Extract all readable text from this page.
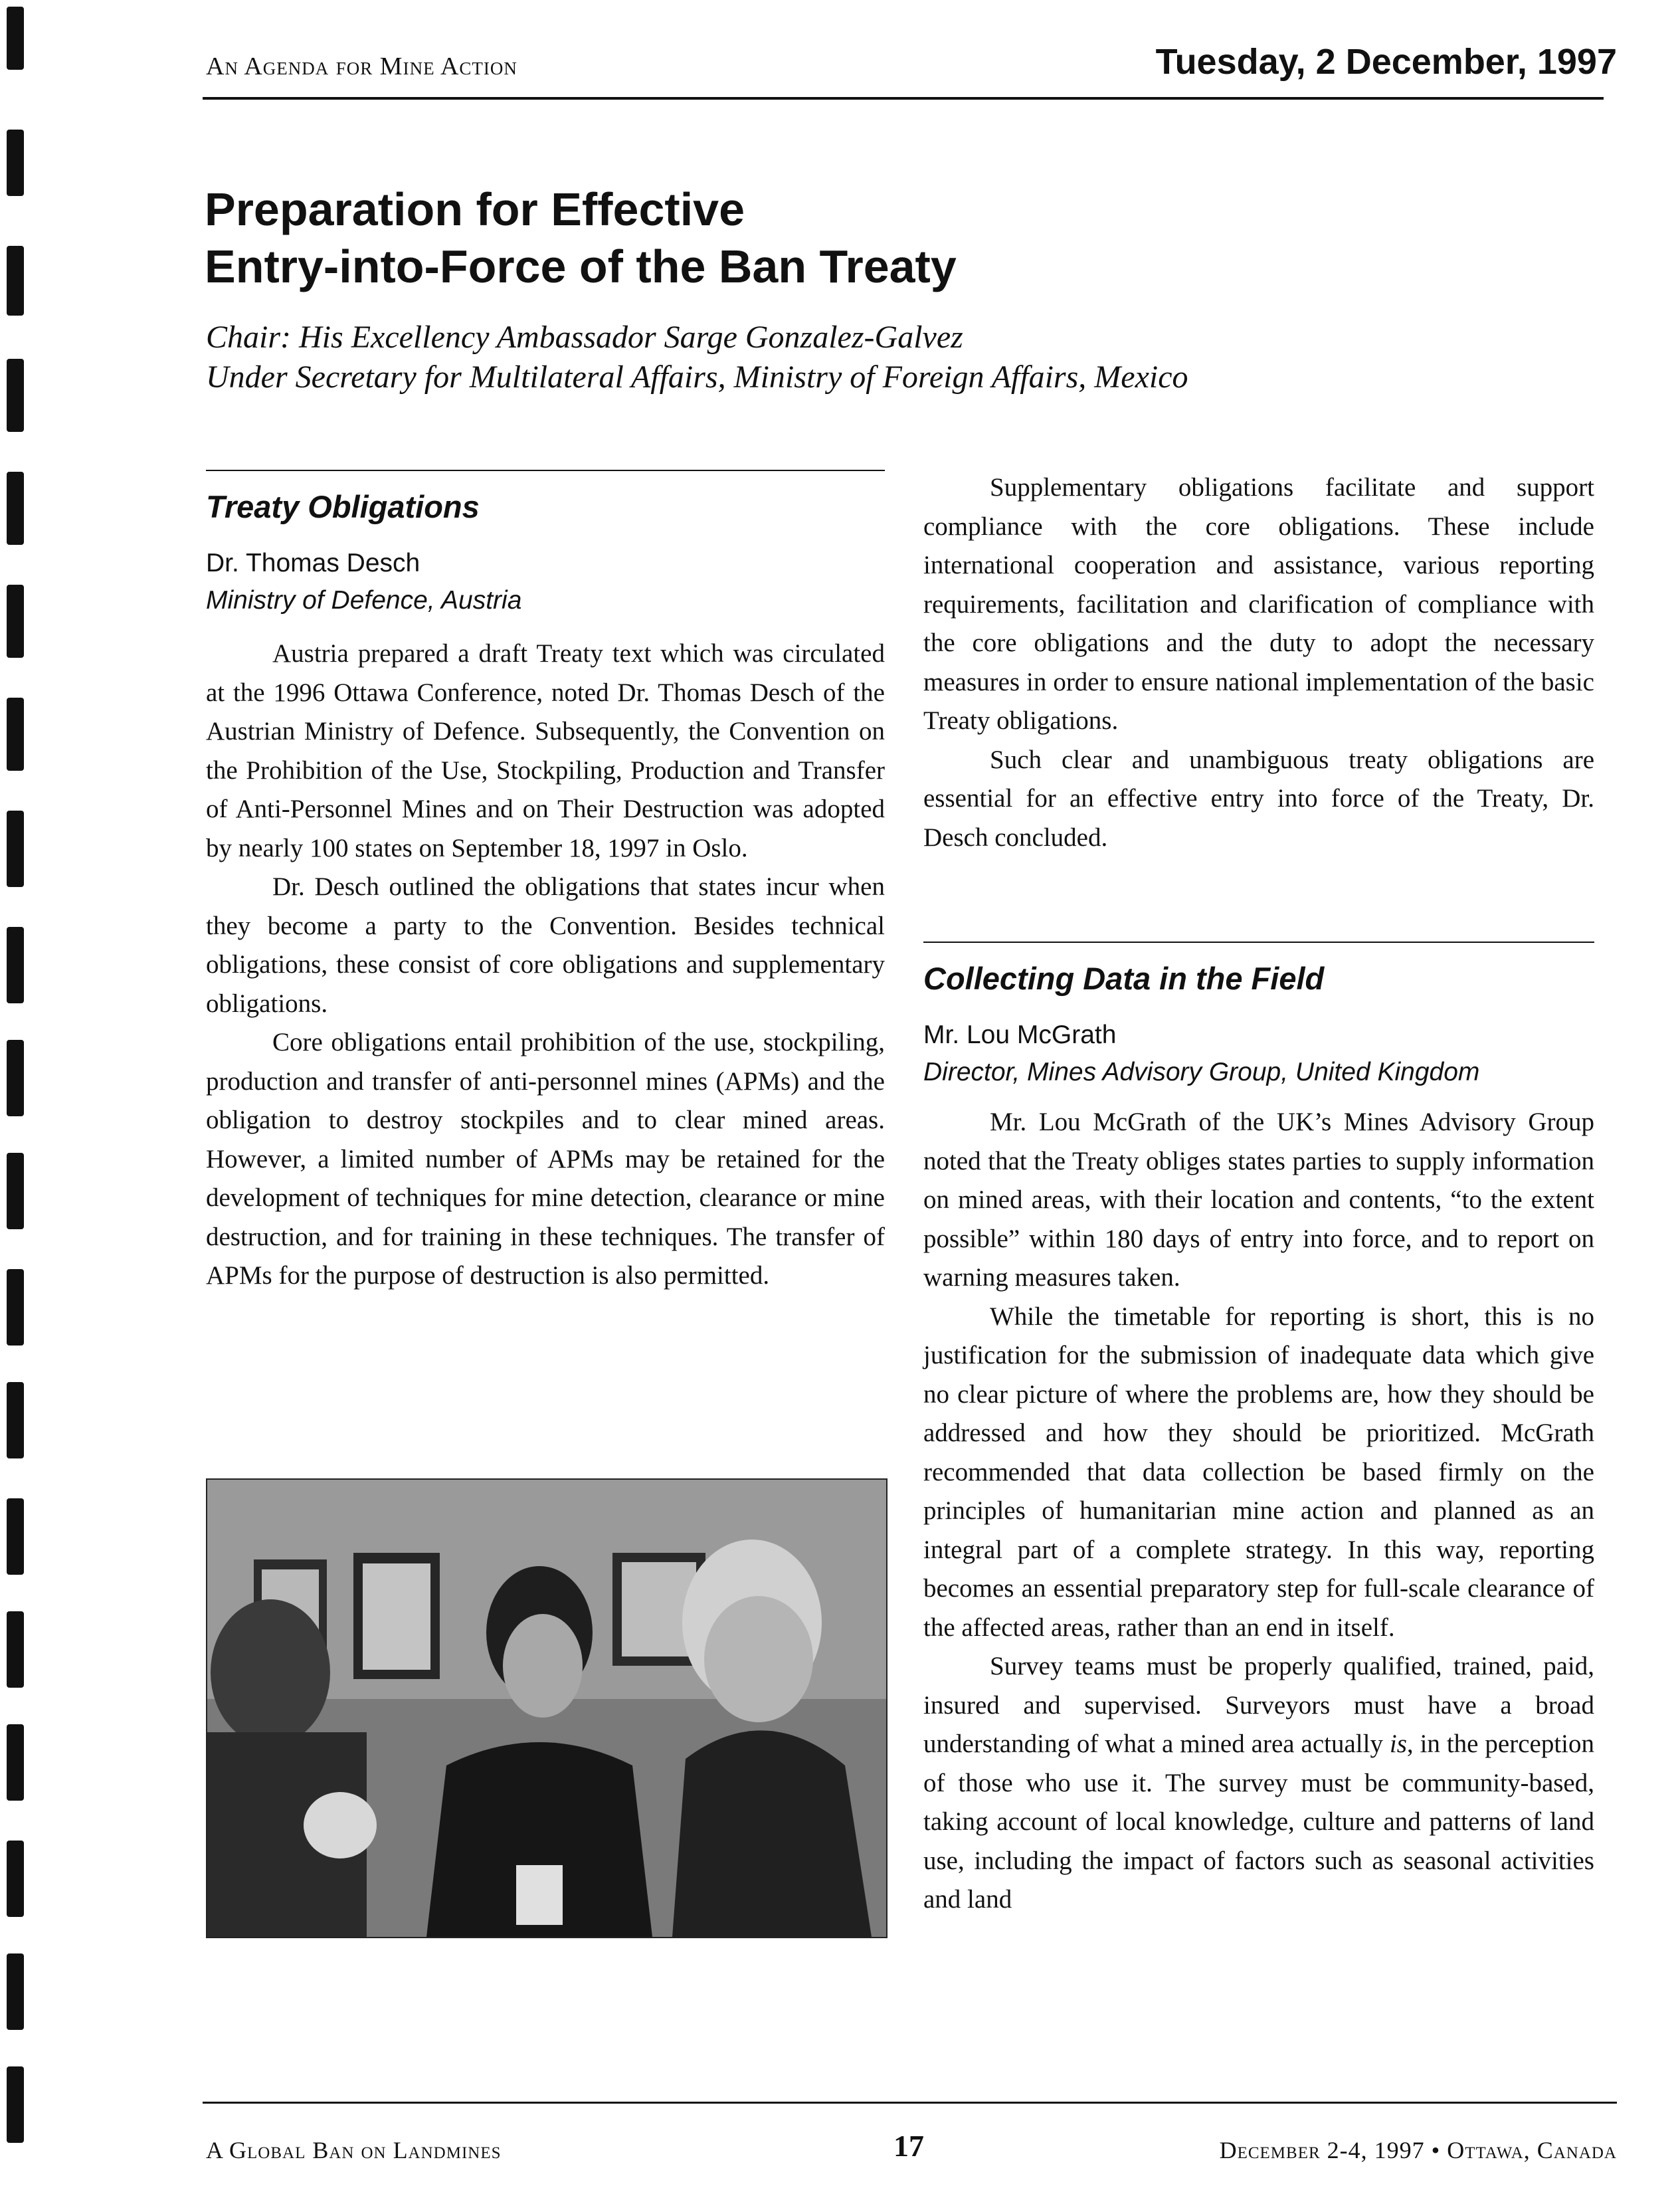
An Agenda for Mine Action	Tuesday, 2 December, 1997
Preparation for Effective
Entry-into-Force of the Ban Treaty
Chair: His Excellency Ambassador Sarge Gonzalez-Galvez
Under Secretary for Multilateral Affairs, Ministry of Foreign Affairs, Mexico
Treaty Obligations
Dr. Thomas Desch
Ministry of Defence, Austria

Austria prepared a draft Treaty text which was circulated at the 1996 Ottawa Conference, noted Dr. Thomas Desch of the Austrian Ministry of Defence. Subsequently, the Convention on the Prohibition of the Use, Stockpiling, Production and Transfer of Anti-Personnel Mines and on Their Destruction was adopted by nearly 100 states on September 18, 1997 in Oslo.

Dr. Desch outlined the obligations that states incur when they become a party to the Convention. Besides technical obligations, these consist of core obligations and supplementary obligations.

Core obligations entail prohibition of the use, stockpiling, production and transfer of anti-personnel mines (APMs) and the obligation to destroy stockpiles and to clear mined areas. However, a limited number of APMs may be retained for the development of techniques for mine detection, clearance or mine destruction, and for training in these techniques. The transfer of APMs for the purpose of destruction is also permitted.

Supplementary obligations facilitate and support compliance with the core obligations. These include international cooperation and assistance, various reporting requirements, facilitation and clarification of compliance with the core obligations and the duty to adopt the necessary measures in order to ensure national implementation of the basic Treaty obligations.

Such clear and unambiguous treaty obligations are essential for an effective entry into force of the Treaty, Dr. Desch concluded.

Collecting Data in the Field
Mr. Lou McGrath
Director, Mines Advisory Group, United Kingdom

Mr. Lou McGrath of the UK’s Mines Advisory Group noted that the Treaty obliges states parties to supply information on mined areas, with their location and contents, “to the extent possible” within 180 days of entry into force, and to report on warning measures taken.

While the timetable for reporting is short, this is no justification for the submission of inadequate data which give no clear picture of where the problems are, how they should be addressed and how they should be prioritized. McGrath recommended that data collection be based firmly on the principles of humanitarian mine action and planned as an integral part of a complete strategy. In this way, reporting becomes an essential preparatory step for full-scale clearance of the affected areas, rather than an end in itself.

Survey teams must be properly qualified, trained, paid, insured and supervised. Surveyors must have a broad understanding of what a mined area actually is, in the perception of those who use it. The survey must be community-based, taking account of local knowledge, culture and patterns of land use, including the impact of factors such as seasonal activities and land

A Global Ban on Landmines	17	December 2-4, 1997 • Ottawa, Canada
